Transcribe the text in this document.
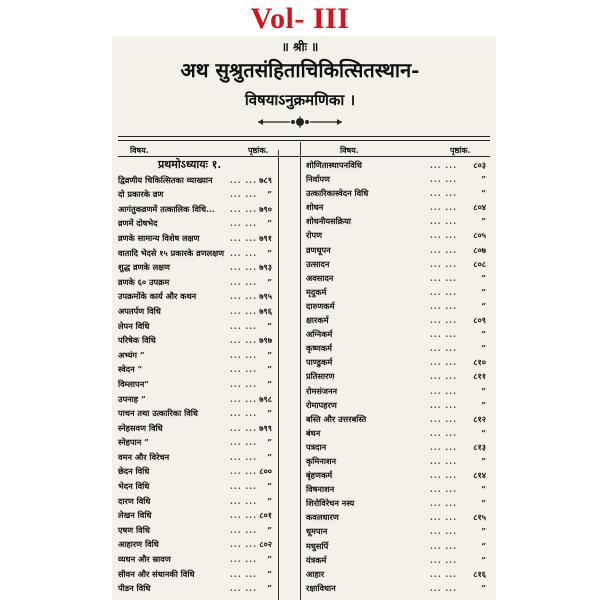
Vol- III
॥ श्रीः ॥
अथ सुश्रुतसंहिताचिकित्सितस्थान-
विषयाऽनुक्रमणिका ।
विषय.	पृष्ठांक.	विषय.	पृष्ठांक.
प्रथमोऽध्यायः १.
द्विव्रणीय चिकित्सितका व्याख्यान ... ... ७८९
दो प्रकारके व्रण	... ...	”
आगंतुकव्रणमें तत्कालिक विधि... ... ... ७९०
व्रणमें दोषभेद	... ...	”
व्रणके सामान्य विशेष लक्षण	... ... ७९१
वातादि भेदसे १५ प्रकारके व्रणलक्षण ... ...	”
शुद्ध व्रणके लक्षण	... ... ७९३
व्रणके ६० उपक्रम	... ...	”
उपक्रमोंके कार्य और कथन	... ... ७९५
अपतर्पण विधि	... ... ७९६
लेपन विधि	... ...	”
परिषेक विधि	... ... ७९७
अभ्यंग ”	... ...	”
स्वेदन ”	... ...	”
विम्लापन”	... ...	”
उपनाह ”	... ... ७९८
पाचन तथा उत्कारिका विधि	... ...	”
स्नेहसवण विधि	... ... ७९९
स्नेहपान ”	... ...	”
वमन और विरेचन	... ...	”
छेदन विधि	... ... ८००
भेदन विधि	... ...	”
दारण विधि	... ...	”
लेखन विधि	... ... ८०१
एषण विधि	... ...	”
आहारण विधि	... ... ८०२
व्यधन और स्रावण	... ...	”
सीवन और संधानकी विधि	... ...	”
पीडन विधि	... ...	”
शोणितास्थापनविधि	... ...	८०३
निर्वापण	... ...	”
उत्कारिकास्वेदन विधि	... ...	”
शोधन	... ...	८०४
शोधनीयसक्रिया	... ...	”
रोपण	... ...	८०५
व्रणधूपन	... ...	८०७
उत्सादन	... ...	८०८
अवसादन	... ...	”
मृदुकर्म	... ...	”
दारुणकर्म	... ...	”
क्षारकर्म	... ...	८०९
अग्निकर्म	... ...	”
कृष्णकर्म	... ...	”
पाण्डुकर्म	... ...	८१०
प्रतिसारण	... ...	८११
रोमसंजनन	... ...	”
रोमापहरण	... ...	”
बस्ति और उत्तरबस्ति	... ...	८१२
बंधन	... ...	”
पत्रदान	... ...	८१३
कृमिनाशन	... ...	”
बृंहणकर्म	... ...	८१४
विषनाशन	... ...	”
शिरोविरेचन नस्य	... ...	”
कवलधारण	... ...	८१५
धूमपान	... ...	”
मधुसर्पि	... ...	”
यंत्रकर्म	... ...	”
आहार	... ...	८१६
रक्षाविधान	... ...	”
